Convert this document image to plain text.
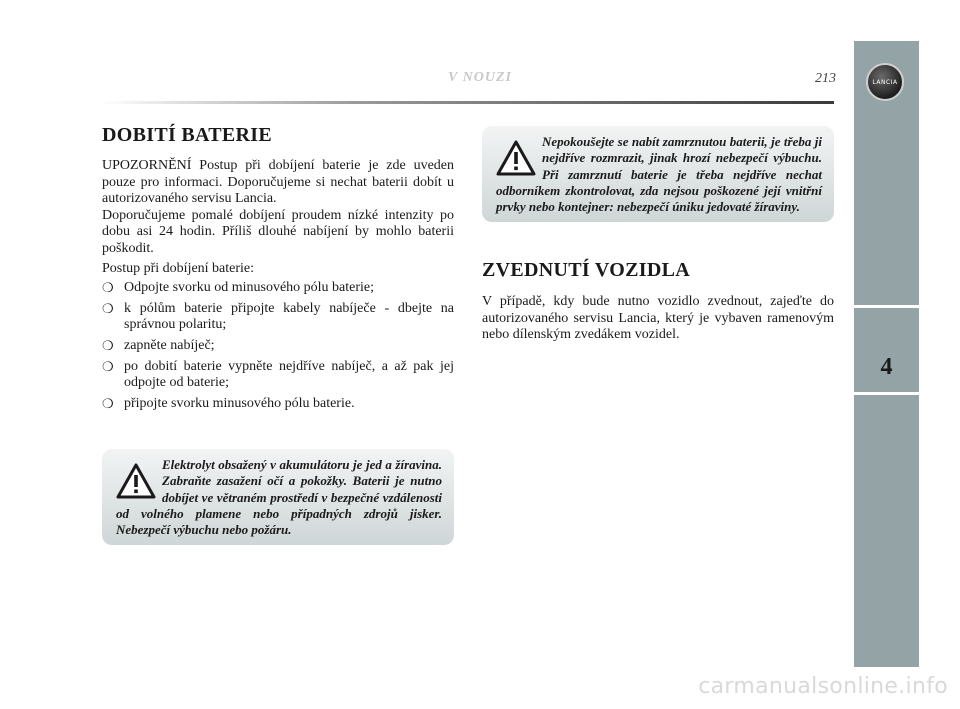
V NOUZI	213	LANCIA
4
DOBITÍ BATERIE

UPOZORNĚNÍ Postup při dobíjení baterie je zde uveden pouze pro informaci. Doporučujeme si nechat baterii dobít u autorizovaného servisu Lancia.

Doporučujeme pomalé dobíjení proudem nízké intenzity po dobu asi 24 hodin. Příliš dlouhé nabíjení by mohlo baterii poškodit.

Postup při dobíjení baterie:

❍ Odpojte svorku od minusového pólu baterie;
❍ k pólům baterie připojte kabely nabíječe - dbejte na správnou polaritu;
❍ zapněte nabíječ;
❍ po dobití baterie vypněte nejdříve nabíječ, a až pak jej odpojte od baterie;
❍ připojte svorku minusového pólu baterie.

Elektrolyt obsažený v akumulátoru je jed a žíravina. Zabraňte zasažení očí a pokožky. Baterii je nutno dobíjet ve větraném prostředí v bezpečné vzdálenosti od volného plamene nebo případných zdrojů jisker. Nebezpečí výbuchu nebo požáru.

Nepokoušejte se nabít zamrznutou baterii, je třeba ji nejdříve rozmrazit, jinak hrozí nebezpečí výbuchu. Při zamrznutí baterie je třeba nejdříve nechat odborníkem zkontrolovat, zda nejsou poškozené její vnitřní prvky nebo kontejner: nebezpečí úniku jedovaté žíraviny.

ZVEDNUTÍ VOZIDLA
V případě, kdy bude nutno vozidlo zvednout, zajeďte do autorizovaného servisu Lancia, který je vybaven ramenovým nebo dílenským zvedákem vozidel.
carmanualsonline.info
